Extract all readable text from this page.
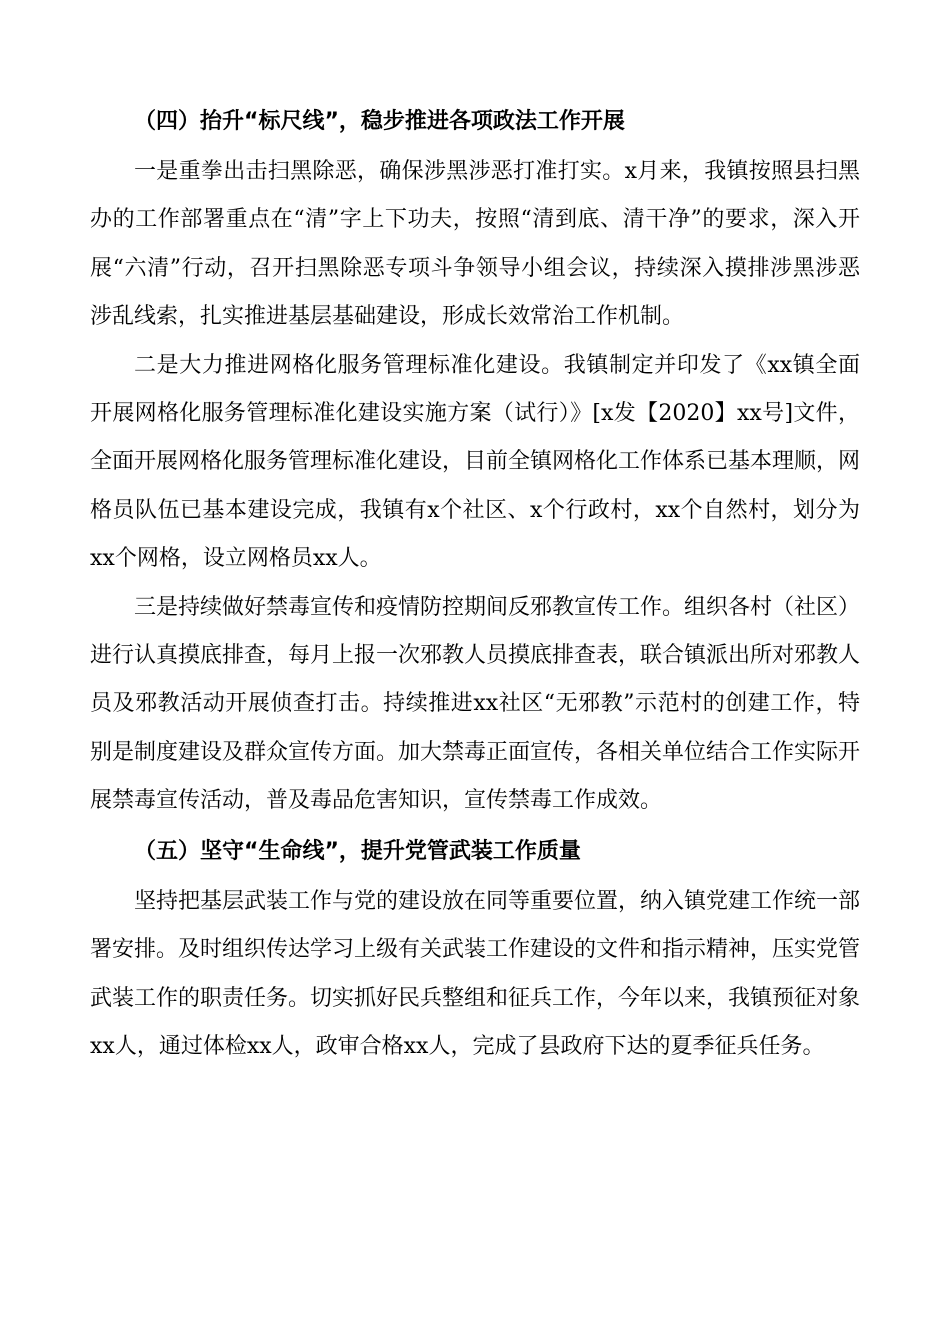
（四）抬升“标尺线”，稳步推进各项政法工作开展

一是重拳出击扫黑除恶，确保涉黑涉恶打准打实。x月来，我镇按照县扫黑办的工作部署重点在“清”字上下功夫，按照“清到底、清干净”的要求，深入开展“六清”行动，召开扫黑除恶专项斗争领导小组会议，持续深入摸排涉黑涉恶涉乱线索，扎实推进基层基础建设，形成长效常治工作机制。

二是大力推进网格化服务管理标准化建设。我镇制定并印发了《xx镇全面开展网格化服务管理标准化建设实施方案（试行）》[x发【2020】xx号]文件，全面开展网格化服务管理标准化建设，目前全镇网格化工作体系已基本理顺，网格员队伍已基本建设完成，我镇有x个社区、x个行政村，xx个自然村，划分为xx个网格，设立网格员xx人。

三是持续做好禁毒宣传和疫情防控期间反邪教宣传工作。组织各村（社区）进行认真摸底排查，每月上报一次邪教人员摸底排查表，联合镇派出所对邪教人员及邪教活动开展侦查打击。持续推进xx社区“无邪教”示范村的创建工作，特别是制度建设及群众宣传方面。加大禁毒正面宣传，各相关单位结合工作实际开展禁毒宣传活动，普及毒品危害知识，宣传禁毒工作成效。

（五）坚守“生命线”，提升党管武装工作质量

坚持把基层武装工作与党的建设放在同等重要位置，纳入镇党建工作统一部署安排。及时组织传达学习上级有关武装工作建设的文件和指示精神，压实党管武装工作的职责任务。切实抓好民兵整组和征兵工作，今年以来，我镇预征对象xx人，通过体检xx人，政审合格xx人，完成了县政府下达的夏季征兵任务。
